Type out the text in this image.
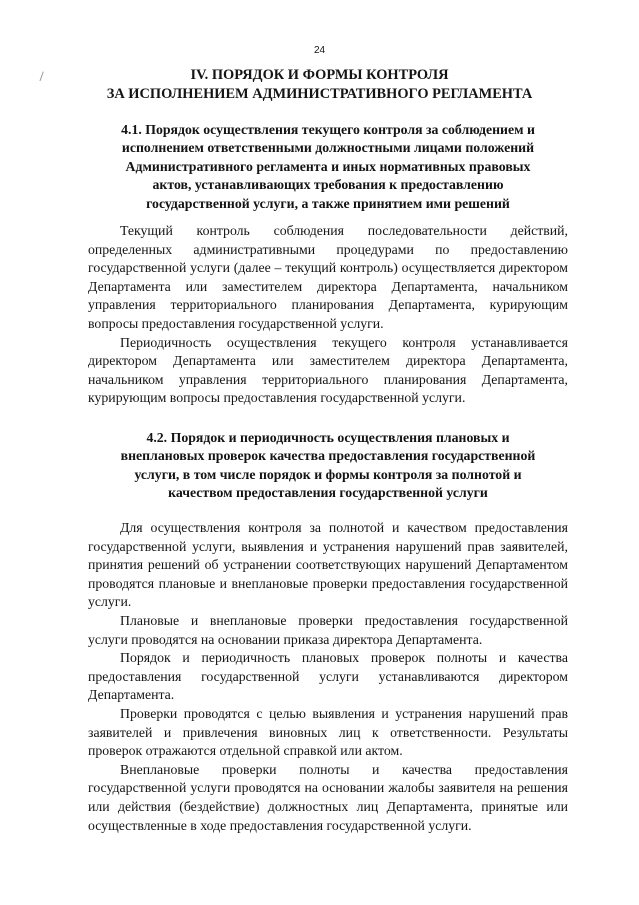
24
IV. ПОРЯДОК И ФОРМЫ КОНТРОЛЯ
ЗА ИСПОЛНЕНИЕМ АДМИНИСТРАТИВНОГО РЕГЛАМЕНТА
4.1. Порядок осуществления текущего контроля за соблюдением и
исполнением ответственными должностными лицами положений
Административного регламента и иных нормативных правовых
актов, устанавливающих требования к предоставлению
государственной услуги, а также принятием ими решений

Текущий контроль соблюдения последовательности действий, определенных административными процедурами по предоставлению государственной услуги (далее – текущий контроль) осуществляется директором Департамента или заместителем директора Департамента, начальником управления территориального планирования Департамента, курирующим вопросы предоставления государственной услуги.

Периодичность осуществления текущего контроля устанавливается директором Департамента или заместителем директора Департамента, начальником управления территориального планирования Департамента, курирующим вопросы предоставления государственной услуги.

4.2. Порядок и периодичность осуществления плановых и
внеплановых проверок качества предоставления государственной
услуги, в том числе порядок и формы контроля за полнотой и
качеством предоставления государственной услуги

Для осуществления контроля за полнотой и качеством предоставления государственной услуги, выявления и устранения нарушений прав заявителей, принятия решений об устранении соответствующих нарушений Департаментом проводятся плановые и внеплановые проверки предоставления государственной услуги.

Плановые и внеплановые проверки предоставления государственной услуги проводятся на основании приказа директора Департамента.

Порядок и периодичность плановых проверок полноты и качества предоставления государственной услуги устанавливаются директором Департамента.

Проверки проводятся с целью выявления и устранения нарушений прав заявителей и привлечения виновных лиц к ответственности. Результаты проверок отражаются отдельной справкой или актом.

Внеплановые проверки полноты и качества предоставления государственной услуги проводятся на основании жалобы заявителя на решения или действия (бездействие) должностных лиц Департамента, принятые или осуществленные в ходе предоставления государственной услуги.
